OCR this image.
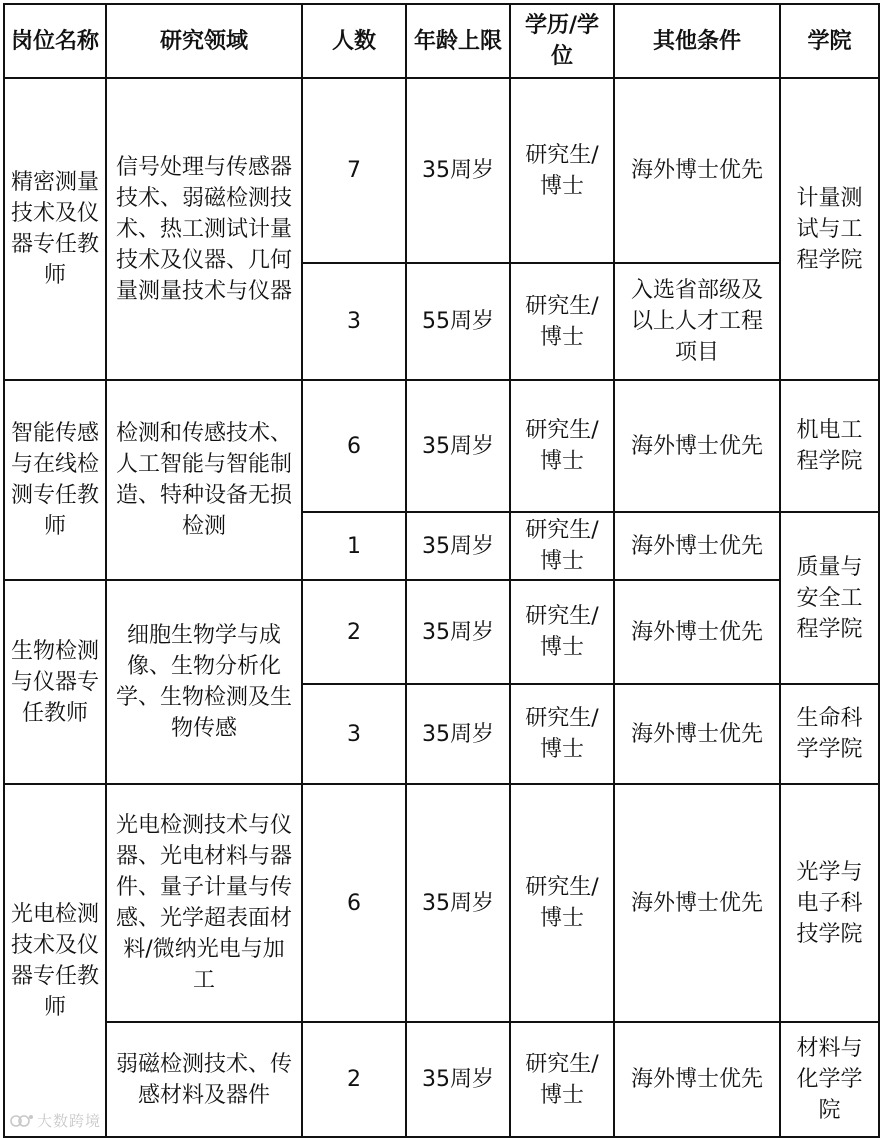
岗位名称	研究领域	人数	年龄上限	学历/学位	其他条件	学院
精密测量技术及仪器专任教师	信号处理与传感器技术、弱磁检测技术、热工测试计量技术及仪器、几何量测量技术与仪器	7	35周岁	研究生/博士	海外博士优先	计量测试与工程学院
		3	55周岁	研究生/博士	入选省部级及以上人才工程项目	
智能传感与在线检测专任教师	检测和传感技术、人工智能与智能制造、特种设备无损检测	6	35周岁	研究生/博士	海外博士优先	机电工程学院
		1	35周岁	研究生/博士	海外博士优先	质量与安全工程学院
生物检测与仪器专任教师	细胞生物学与成像、生物分析化学、生物检测及生物传感	2	35周岁	研究生/博士	海外博士优先	
		3	35周岁	研究生/博士	海外博士优先	生命科学学院
光电检测技术及仪器专任教师	光电检测技术与仪器、光电材料与器件、量子计量与传感、光学超表面材料/微纳光电与加工	6	35周岁	研究生/博士	海外博士优先	光学与电子科技学院
	弱磁检测技术、传感材料及器件	2	35周岁	研究生/博士	海外博士优先	材料与化学学院
大数跨境
